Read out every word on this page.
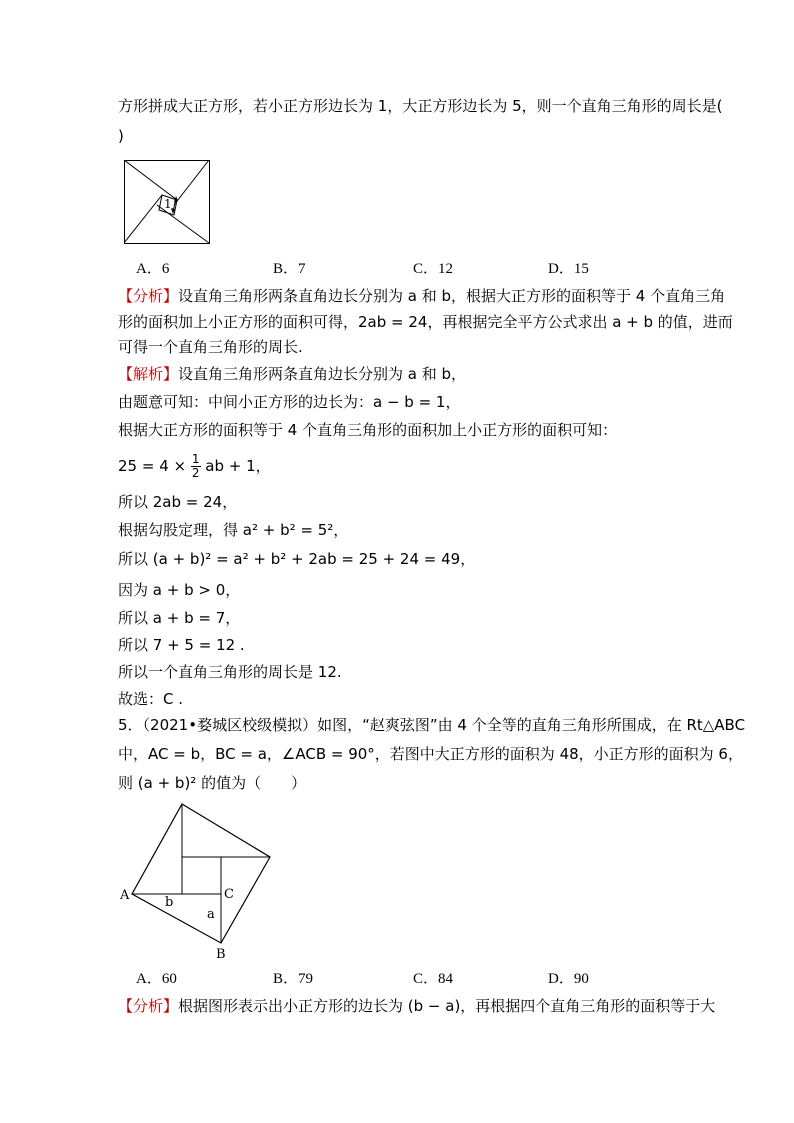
方形拼成大正方形，若小正方形边长为 1，大正方形边长为 5，则一个直角三角形的周长是(
)
1
A．6	B．7	C．12	D．15
【分析】设直角三角形两条直角边长分别为 a 和 b，根据大正方形的面积等于 4 个直角三角
形的面积加上小正方形的面积可得，2ab = 24，再根据完全平方公式求出 a + b 的值，进而
可得一个直角三角形的周长.
【解析】设直角三角形两条直角边长分别为 a 和 b，
由题意可知：中间小正方形的边长为：a − b = 1，
根据大正方形的面积等于 4 个直角三角形的面积加上小正方形的面积可知：
$25 = 4 \times \frac{1}{2}$ ab + 1，
所以 2ab = 24，
根据勾股定理，得 a² + b² = 5²，
所以 (a + b)² = a² + b² + 2ab = 25 + 24 = 49，
因为 a + b > 0，
所以 a + b = 7，
所以 7 + 5 = 12 .
所以一个直角三角形的周长是 12.
故选：C .
5．（2021•婺城区校级模拟）如图，“赵爽弦图”由 4 个全等的直角三角形所围成，在 Rt△ABC
中，AC = b，BC = a，∠ACB = 90°，若图中大正方形的面积为 48，小正方形的面积为 6，
则 (a + b)² 的值为（　　）
A
B
C
a
b
A．60	B．79	C．84	D．90
【分析】根据图形表示出小正方形的边长为 (b − a)，再根据四个直角三角形的面积等于大
